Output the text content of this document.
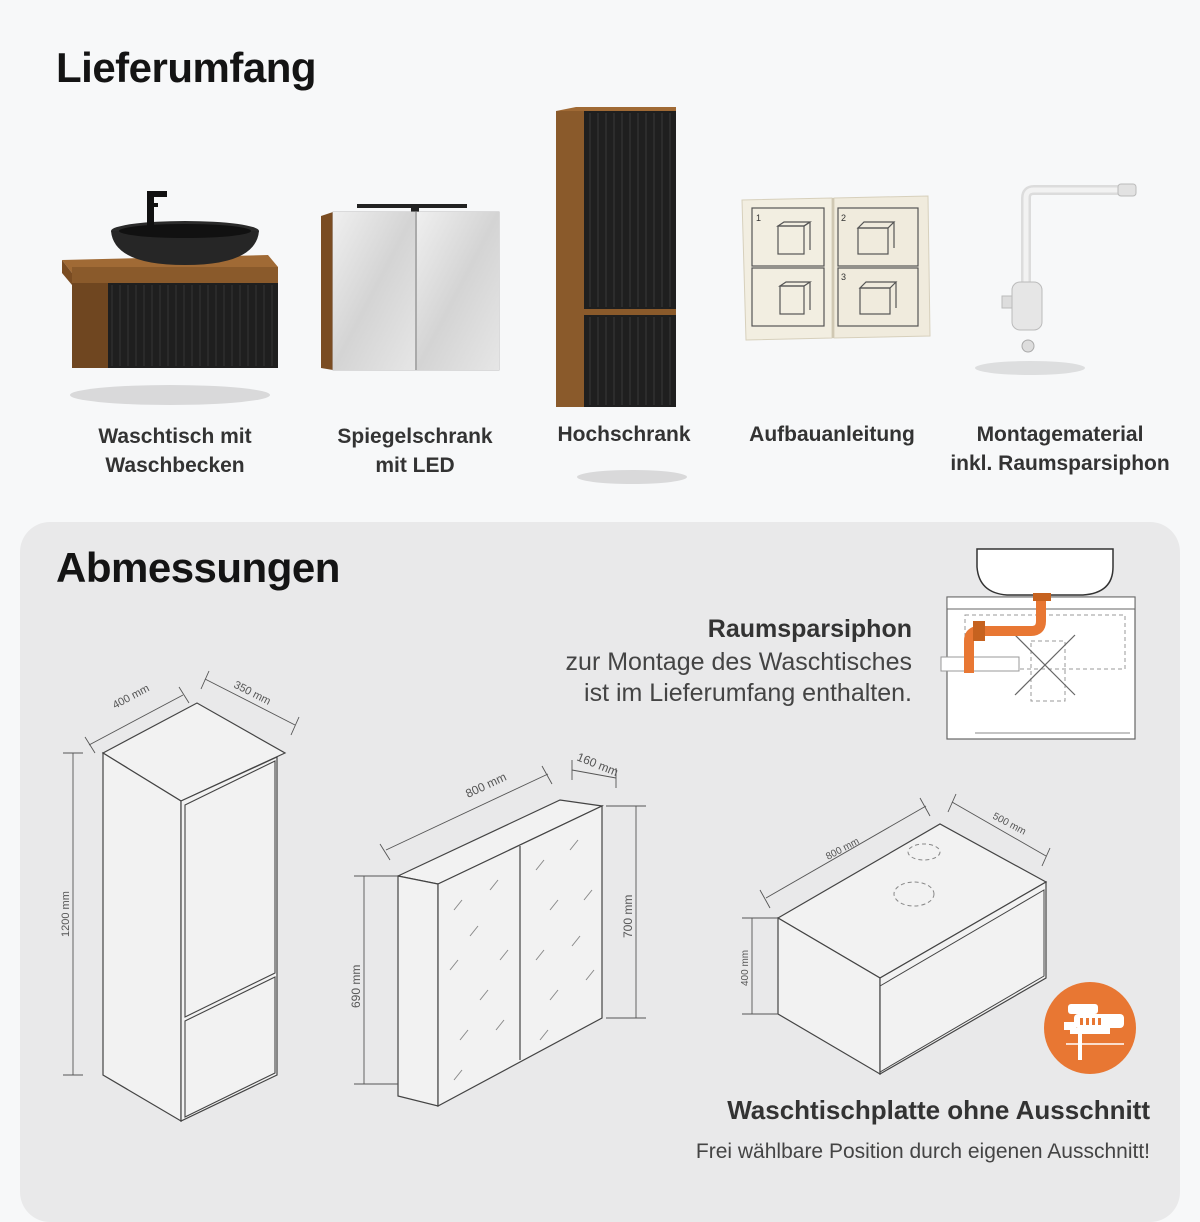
Lieferumfang
Waschtisch mit
Waschbecken
Spiegelschrank
mit LED
Hochschrank
1	2
3
Aufbauanleitung	Montagematerial
inkl. Raumsparsiphon
Abmessungen
Raumsparsiphon
zur Montage des Waschtisches
ist im Lieferumfang enthalten.
400 mm	350 mm
1200 mm
800 mm
160 mm
690 mm
700 mm
800 mm
500 mm
400 mm
Waschtischplatte ohne Ausschnitt
Frei wählbare Position durch eigenen Ausschnitt!
